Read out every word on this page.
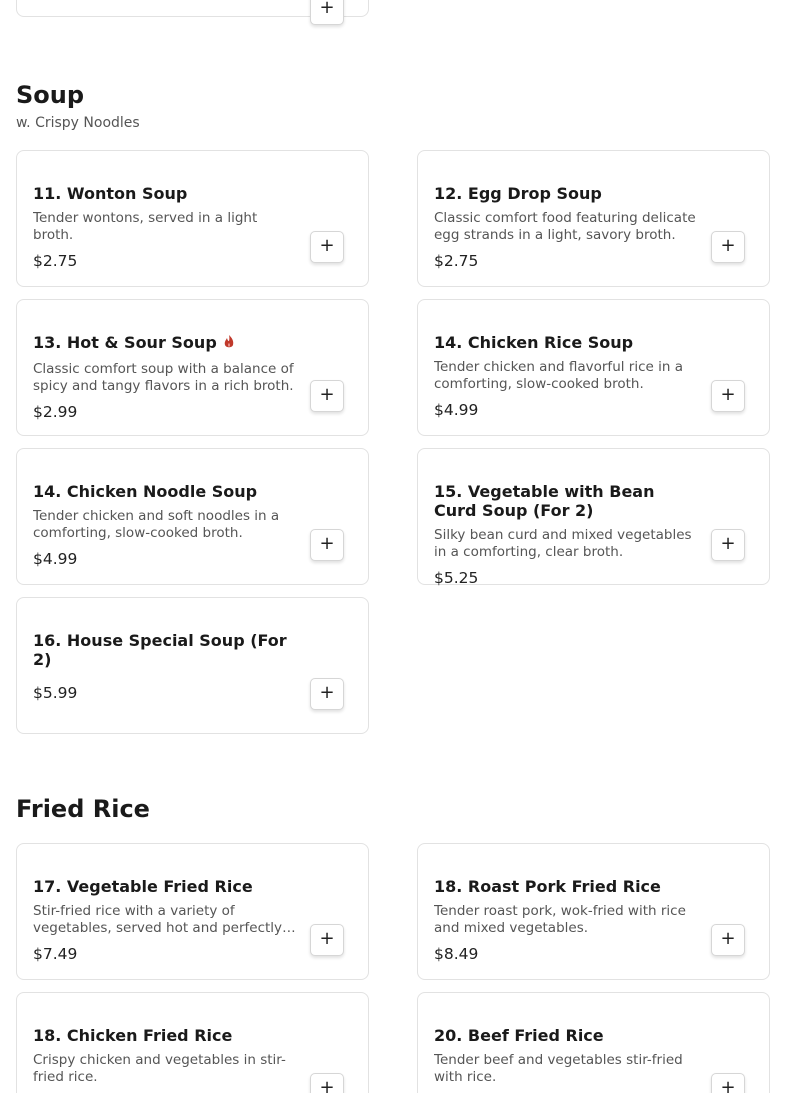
+
Soup
w. Crispy Noodles
11. Wonton Soup
Tender wontons, served in a light broth.
$2.75
+
12. Egg Drop Soup
Classic comfort food featuring delicate egg strands in a light, savory broth.
$2.75
+
13. Hot & Sour Soup
Classic comfort soup with a balance of spicy and tangy flavors in a rich broth.
$2.99
+
14. Chicken Rice Soup
Tender chicken and flavorful rice in a comforting, slow-cooked broth.
$4.99
+
14. Chicken Noodle Soup
Tender chicken and soft noodles in a comforting, slow-cooked broth.
$4.99
+
15. Vegetable with Bean Curd Soup (For 2)
Silky bean curd and mixed vegetables in a comforting, clear broth.
$5.25
+
16. House Special Soup (For 2)
$5.99	+
Fried Rice
17. Vegetable Fried Rice
Stir-fried rice with a variety of vegetables, served hot and perfectly
$7.49
+
18. Roast Pork Fried Rice
Tender roast pork, wok-fried with rice and mixed vegetables.
$8.49
+
18. Chicken Fried Rice
Crispy chicken and vegetables in stir-fried rice.	+
20. Beef Fried Rice
Tender beef and vegetables stir-fried with rice.	+
